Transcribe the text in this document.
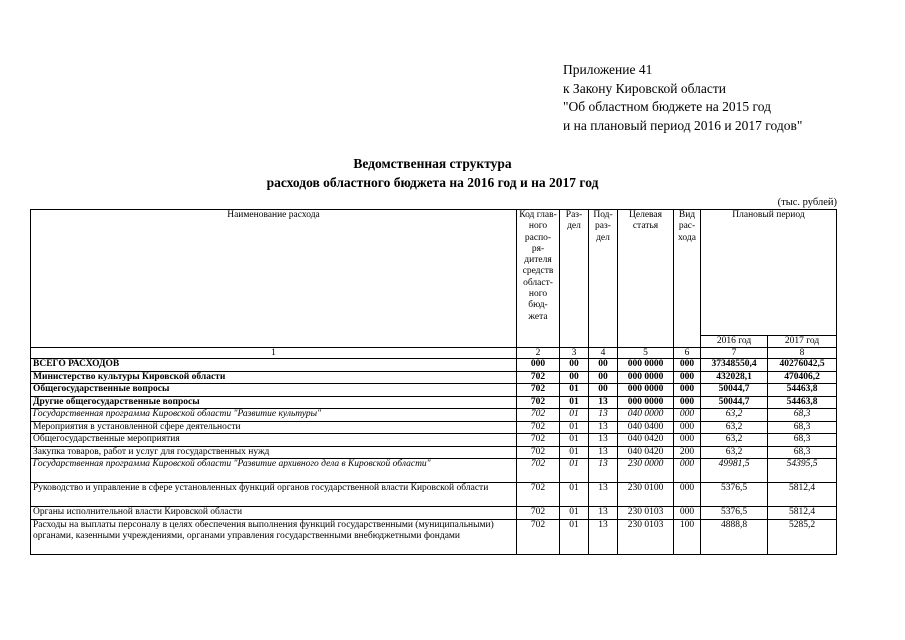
Приложение 41
к Закону Кировской области
"Об областном бюджете на 2015 год
и на плановый период 2016 и 2017 годов"
Ведомственная структура
расходов областного бюджета на 2016 год и на 2017 год
(тыс. рублей)
Наименование расхода	Код глав-ного распо-ря-дителя средств област-ного бюд-жета	Раз-дел	Под-раз-дел	Целевая статья	Вид рас-хода	Плановый период	
						2016 год	2017 год
1	2	3	4	5	6	7	8
ВСЕГО РАСХОДОВ	000	00	00	000 0000	000	37348550,4	40276042,5
Министерство культуры Кировской области	702	00	00	000 0000	000	432028,1	470406,2
Общегосударственные вопросы	702	01	00	000 0000	000	50044,7	54463,8
Другие общегосударственные вопросы	702	01	13	000 0000	000	50044,7	54463,8
Государственная программа Кировской области "Развитие культуры"	702	01	13	040 0000	000	63,2	68,3
Мероприятия в установленной сфере деятельности	702	01	13	040 0400	000	63,2	68,3
Общегосударственные мероприятия	702	01	13	040 0420	000	63,2	68,3
Закупка товаров, работ и услуг для государственных нужд	702	01	13	040 0420	200	63,2	68,3
Государственная программа Кировской области "Развитие архивного дела в Кировской области"	702	01	13	230 0000	000	49981,5	54395,5
Руководство и управление в сфере установленных функций органов государственной власти Кировской области	702	01	13	230 0100	000	5376,5	5812,4
Органы исполнительной власти Кировской области	702	01	13	230 0103	000	5376,5	5812,4
Расходы на выплаты персоналу в целях обеспечения выполнения функций государственными (муниципальными) органами, казенными учреждениями, органами управления государственными внебюджетными фондами	702	01	13	230 0103	100	4888,8	5285,2
